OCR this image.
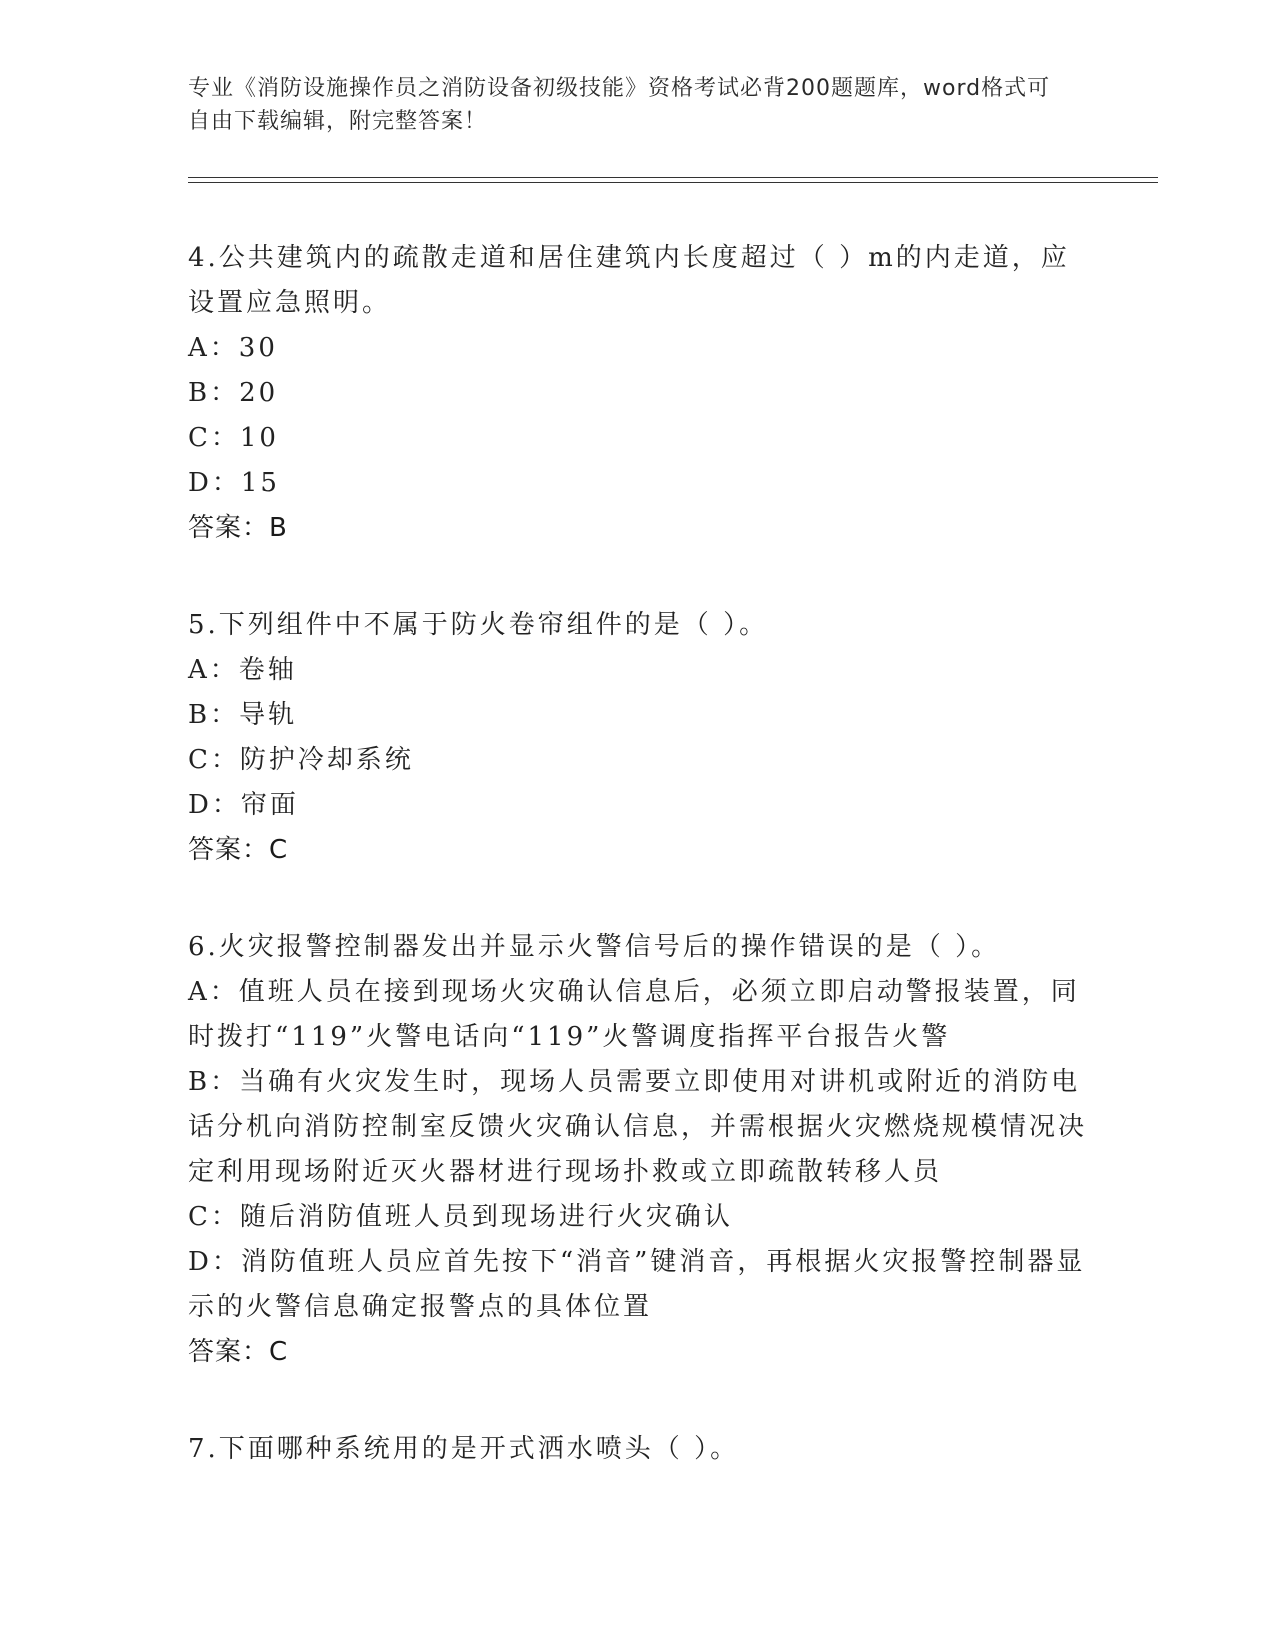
专业《消防设施操作员之消防设备初级技能》资格考试必背200题题库，word格式可自由下载编辑，附完整答案！
4.公共建筑内的疏散走道和居住建筑内长度超过（ ）m的内走道，应设置应急照明。
A：30
B：20
C：10
D：15
答案：B
5.下列组件中不属于防火卷帘组件的是（ ）。
A：卷轴
B：导轨
C：防护冷却系统
D：帘面
答案：C
6.火灾报警控制器发出并显示火警信号后的操作错误的是（ ）。
A：值班人员在接到现场火灾确认信息后，必须立即启动警报装置，同时拨打“119”火警电话向“119”火警调度指挥平台报告火警
B：当确有火灾发生时，现场人员需要立即使用对讲机或附近的消防电话分机向消防控制室反馈火灾确认信息，并需根据火灾燃烧规模情况决定利用现场附近灭火器材进行现场扑救或立即疏散转移人员
C：随后消防值班人员到现场进行火灾确认
D：消防值班人员应首先按下“消音”键消音，再根据火灾报警控制器显示的火警信息确定报警点的具体位置
答案：C
7.下面哪种系统用的是开式洒水喷头（ ）。
